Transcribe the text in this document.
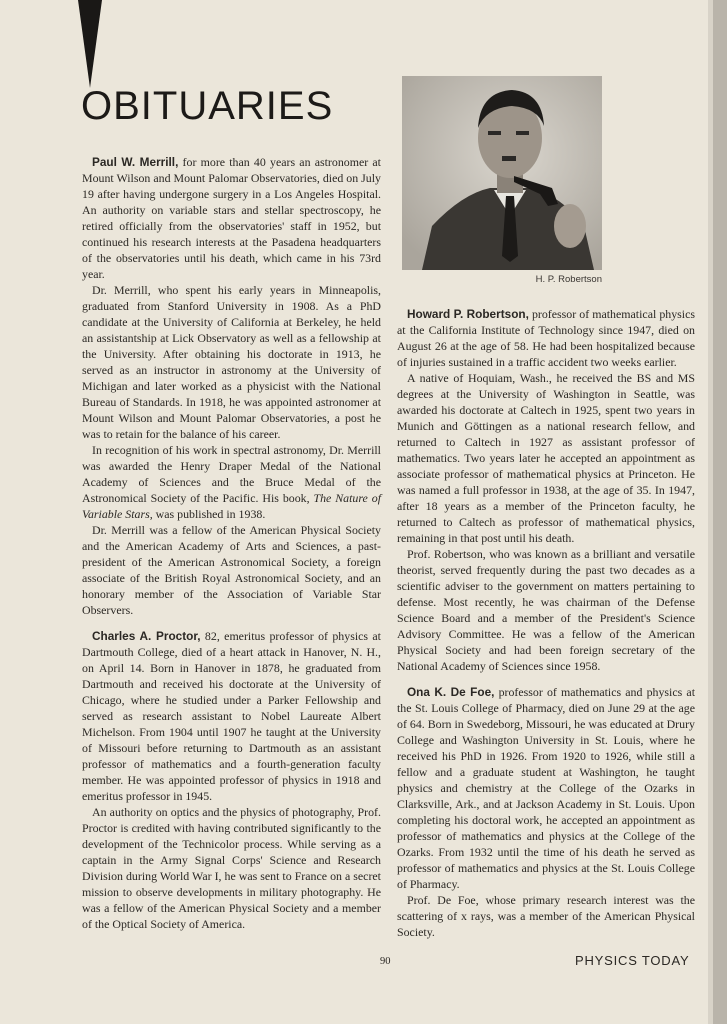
OBITUARIES
H. P. Robertson

Paul W. Merrill, for more than 40 years an astronomer at Mount Wilson and Mount Palomar Observatories, died on July 19 after having undergone surgery in a Los Angeles Hospital. An authority on variable stars and stellar spectroscopy, he retired officially from the observatories' staff in 1952, but continued his research interests at the Pasadena headquarters of the observatories until his death, which came in his 73rd year.

Dr. Merrill, who spent his early years in Minneapolis, graduated from Stanford University in 1908. As a PhD candidate at the University of California at Berkeley, he held an assistantship at Lick Observatory as well as a fellowship at the University. After obtaining his doctorate in 1913, he served as an instructor in astronomy at the University of Michigan and later worked as a physicist with the National Bureau of Standards. In 1918, he was appointed astronomer at Mount Wilson and Mount Palomar Observatories, a post he was to retain for the balance of his career.

In recognition of his work in spectral astronomy, Dr. Merrill was awarded the Henry Draper Medal of the National Academy of Sciences and the Bruce Medal of the Astronomical Society of the Pacific. His book, The Nature of Variable Stars, was published in 1938.

Dr. Merrill was a fellow of the American Physical Society and the American Academy of Arts and Sciences, a past-president of the American Astronomical Society, a foreign associate of the British Royal Astronomical Society, and an honorary member of the Association of Variable Star Observers.

Charles A. Proctor, 82, emeritus professor of physics at Dartmouth College, died of a heart attack in Hanover, N. H., on April 14. Born in Hanover in 1878, he graduated from Dartmouth and received his doctorate at the University of Chicago, where he studied under a Parker Fellowship and served as research assistant to Nobel Laureate Albert Michelson. From 1904 until 1907 he taught at the University of Missouri before returning to Dartmouth as an assistant professor of mathematics and a fourth-generation faculty member. He was appointed professor of physics in 1918 and emeritus professor in 1945.

An authority on optics and the physics of photography, Prof. Proctor is credited with having contributed significantly to the development of the Technicolor process. While serving as a captain in the Army Signal Corps' Science and Research Division during World War I, he was sent to France on a secret mission to observe developments in military photography. He was a fellow of the American Physical Society and a member of the Optical Society of America.

Howard P. Robertson, professor of mathematical physics at the California Institute of Technology since 1947, died on August 26 at the age of 58. He had been hospitalized because of injuries sustained in a traffic accident two weeks earlier.

A native of Hoquiam, Wash., he received the BS and MS degrees at the University of Washington in Seattle, was awarded his doctorate at Caltech in 1925, spent two years in Munich and Göttingen as a national research fellow, and returned to Caltech in 1927 as assistant professor of mathematics. Two years later he accepted an appointment as associate professor of mathematical physics at Princeton. He was named a full professor in 1938, at the age of 35. In 1947, after 18 years as a member of the Princeton faculty, he returned to Caltech as professor of mathematical physics, remaining in that post until his death.

Prof. Robertson, who was known as a brilliant and versatile theorist, served frequently during the past two decades as a scientific adviser to the government on matters pertaining to defense. Most recently, he was chairman of the Defense Science Board and a member of the President's Science Advisory Committee. He was a fellow of the American Physical Society and had been foreign secretary of the National Academy of Sciences since 1958.

Ona K. De Foe, professor of mathematics and physics at the St. Louis College of Pharmacy, died on June 29 at the age of 64. Born in Swedeborg, Missouri, he was educated at Drury College and Washington University in St. Louis, where he received his PhD in 1926. From 1920 to 1926, while still a fellow and a graduate student at Washington, he taught physics and chemistry at the College of the Ozarks in Clarksville, Ark., and at Jackson Academy in St. Louis. Upon completing his doctoral work, he accepted an appointment as professor of mathematics and physics at the College of the Ozarks. From 1932 until the time of his death he served as professor of mathematics and physics at the St. Louis College of Pharmacy.

Prof. De Foe, whose primary research interest was the scattering of x rays, was a member of the American Physical Society.

90	PHYSICS TODAY
